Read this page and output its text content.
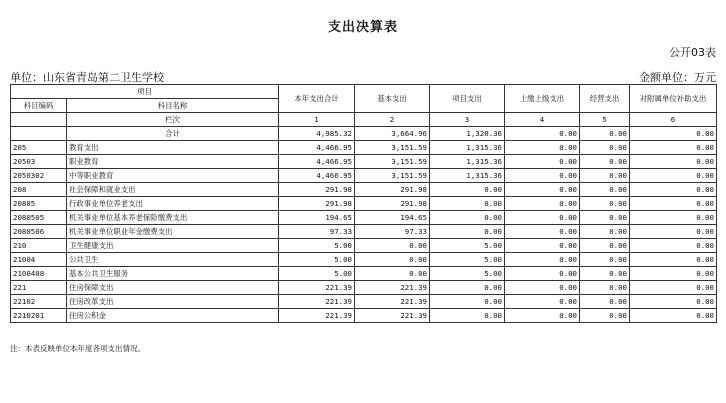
支出决算表
公开03表
单位：山东省青岛第二卫生学校	金额单位：万元
项目		本年支出合计	基本支出	项目支出	上缴上级支出	经营支出	对附属单位补助支出
科目编码	科目名称						
	栏次	1	2	3	4	5	6
	合计	4,985.32	3,664.96	1,320.36	0.00	0.00	0.00
205	教育支出	4,466.95	3,151.59	1,315.36	0.00	0.00	0.00
20503	职业教育	4,466.95	3,151.59	1,315.36	0.00	0.00	0.00
2050302	中等职业教育	4,466.95	3,151.59	1,315.36	0.00	0.00	0.00
208	社会保障和就业支出	291.98	291.98	0.00	0.00	0.00	0.00
20805	行政事业单位养老支出	291.98	291.98	0.00	0.00	0.00	0.00
2080505	机关事业单位基本养老保险缴费支出	194.65	194.65	0.00	0.00	0.00	0.00
2080506	机关事业单位职业年金缴费支出	97.33	97.33	0.00	0.00	0.00	0.00
210	卫生健康支出	5.00	0.00	5.00	0.00	0.00	0.00
21004	公共卫生	5.00	0.00	5.00	0.00	0.00	0.00
2100408	基本公共卫生服务	5.00	0.00	5.00	0.00	0.00	0.00
221	住房保障支出	221.39	221.39	0.00	0.00	0.00	0.00
22102	住房改革支出	221.39	221.39	0.00	0.00	0.00	0.00
2210201	住房公积金	221.39	221.39	0.00	0.00	0.00	0.00
注：本表反映单位本年度各项支出情况。
